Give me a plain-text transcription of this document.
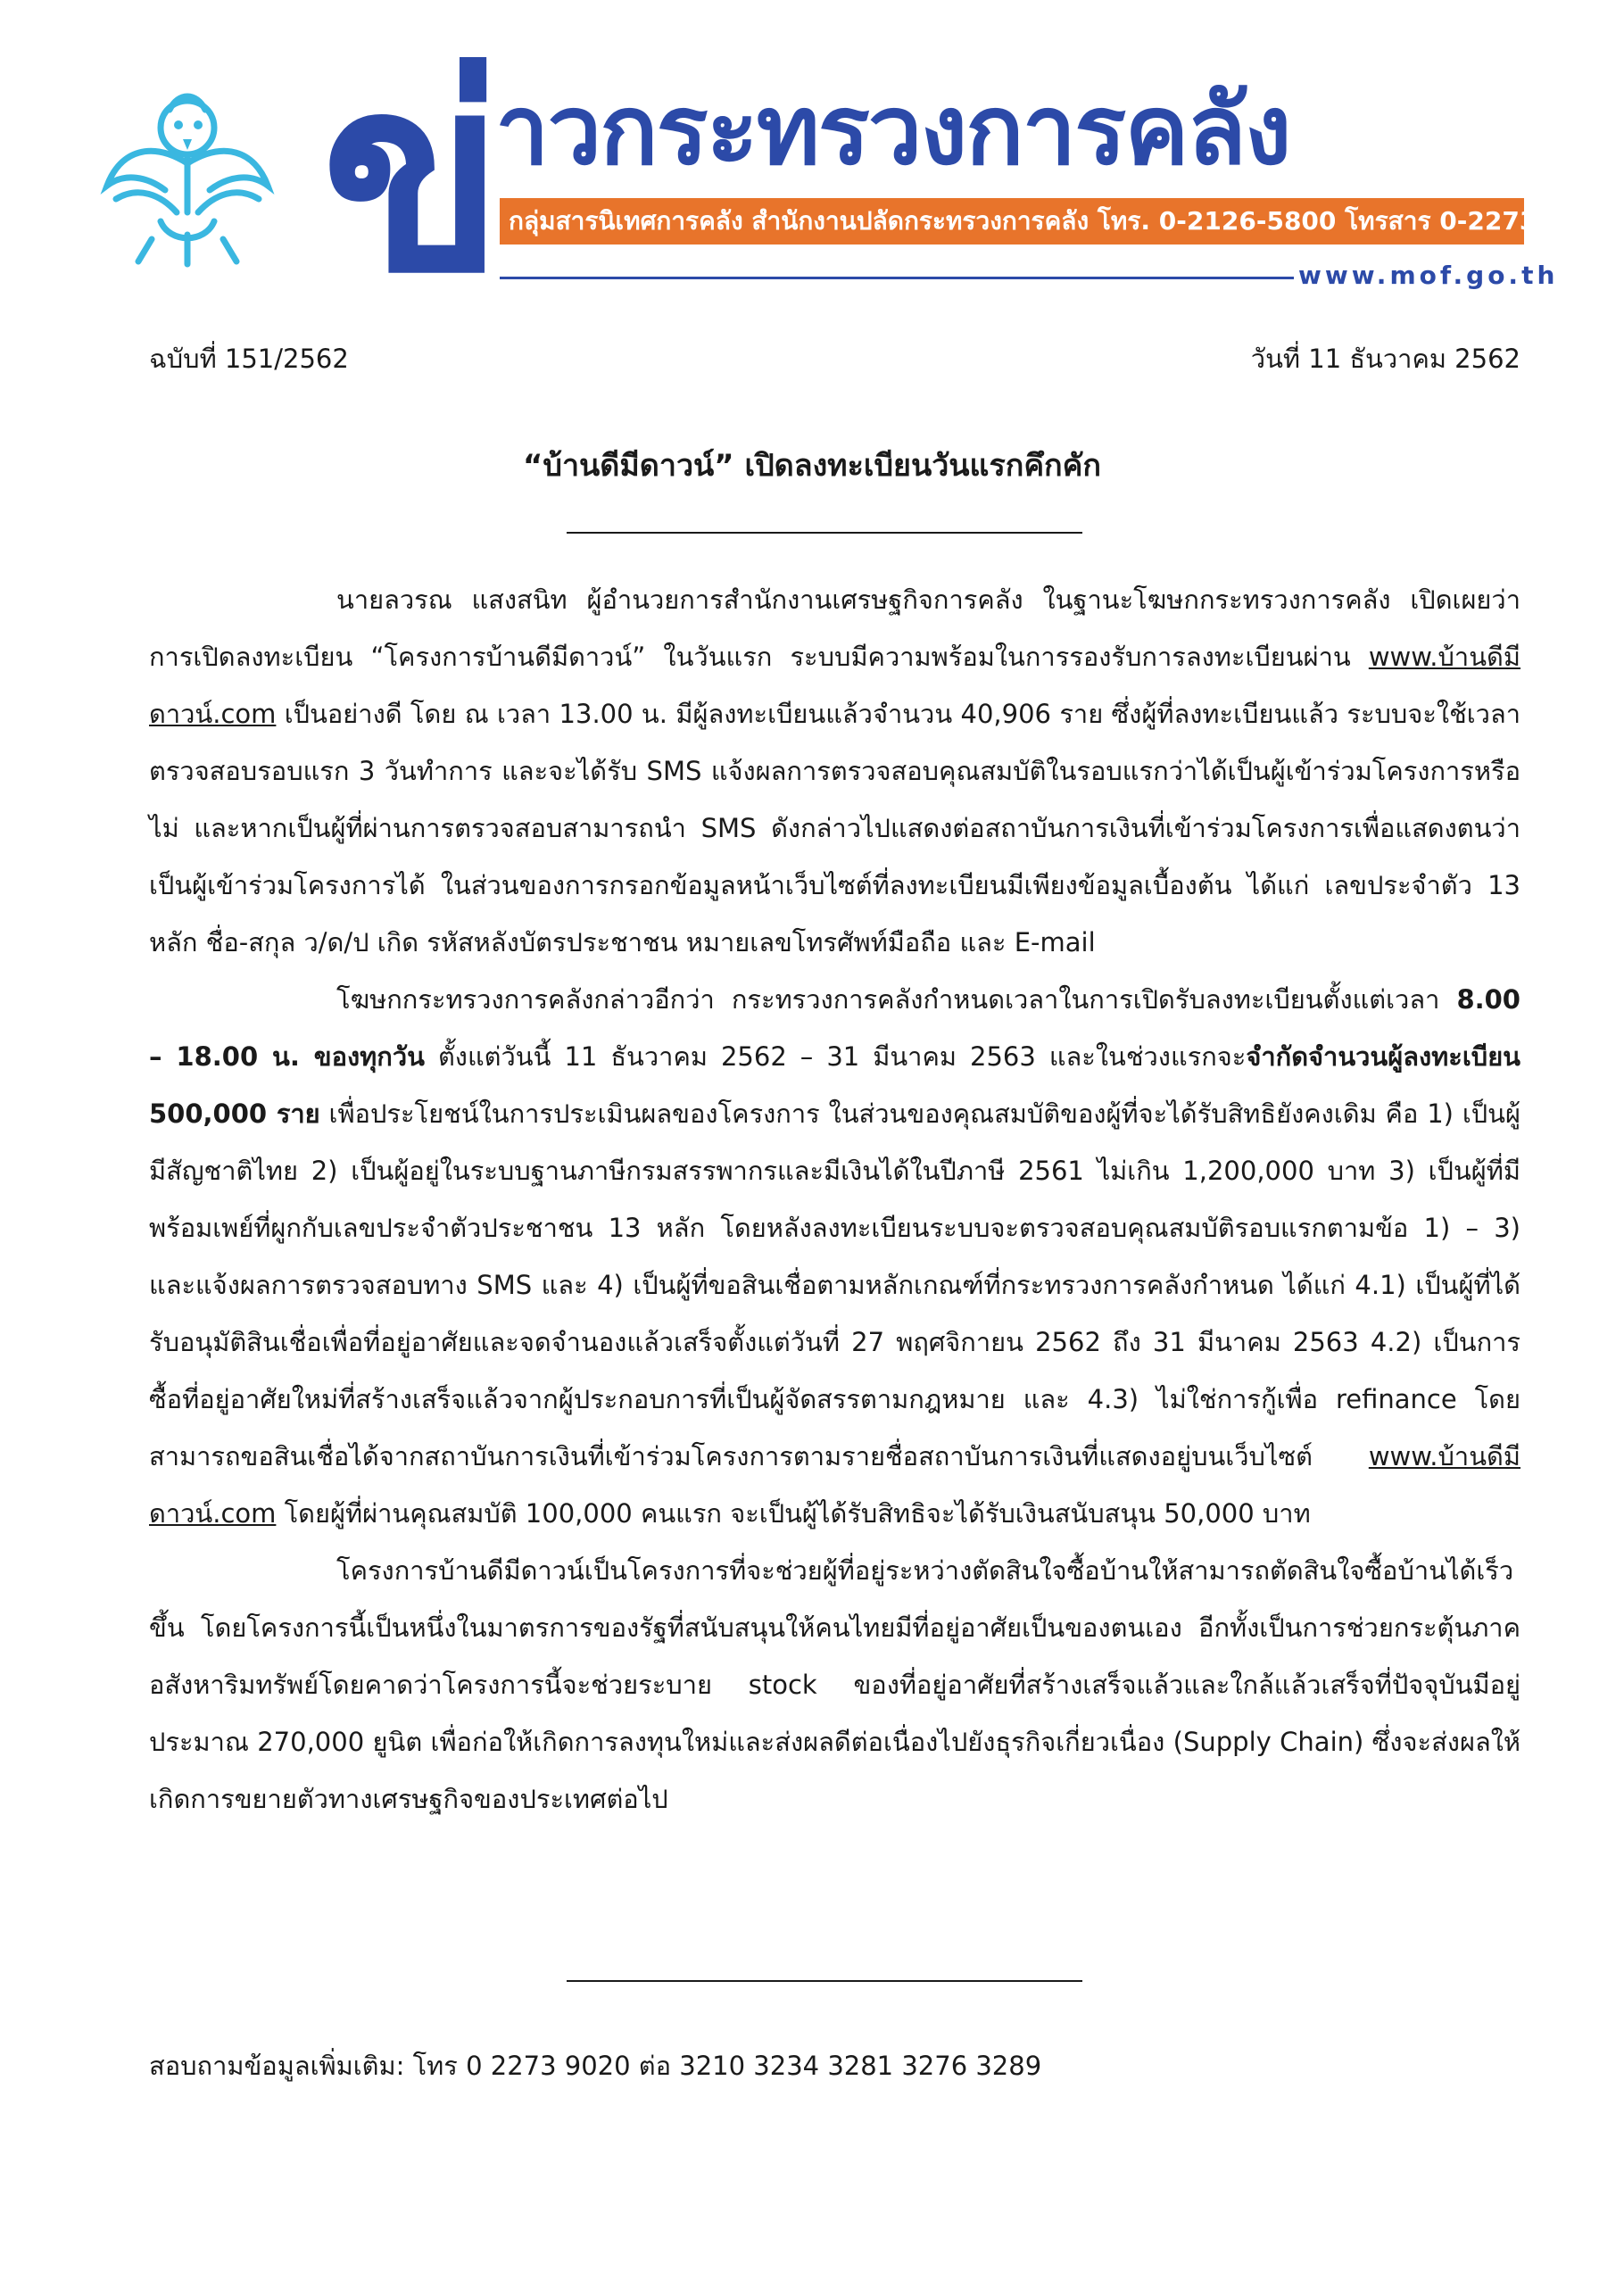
ข่ าวกระทรวงการคลัง
กลุ่มสารนิเทศการคลัง สำนักงานปลัดกระทรวงการคลัง โทร. 0-2126-5800 โทรสาร 0-2273-9763
www.mof.go.th
ฉบับที่ 151/2562	วันที่ 11 ธันวาคม 2562
“บ้านดีมีดาวน์” เปิดลงทะเบียนวันแรกคึกคัก

นายลวรณ แสงสนิท ผู้อำนวยการสำนักงานเศรษฐกิจการคลัง ในฐานะโฆษกกระทรวงการคลัง เปิดเผยว่า การเปิดลงทะเบียน “โครงการบ้านดีมีดาวน์” ในวันแรก ระบบมีความพร้อมในการรองรับการลงทะเบียนผ่าน www.บ้านดีมีดาวน์.com เป็นอย่างดี โดย ณ เวลา 13.00 น. มีผู้ลงทะเบียนแล้วจำนวน 40,906 ราย ซึ่งผู้ที่ลงทะเบียนแล้ว ระบบจะใช้เวลาตรวจสอบรอบแรก 3 วันทำการ และจะได้รับ SMS แจ้งผลการตรวจสอบคุณสมบัติในรอบแรกว่าได้เป็นผู้เข้าร่วมโครงการหรือไม่ และหากเป็นผู้ที่ผ่านการตรวจสอบสามารถนำ SMS ดังกล่าวไปแสดงต่อสถาบันการเงินที่เข้าร่วมโครงการเพื่อแสดงตนว่าเป็นผู้เข้าร่วมโครงการได้ ในส่วนของการกรอกข้อมูลหน้าเว็บไซต์ที่ลงทะเบียนมีเพียงข้อมูลเบื้องต้น ได้แก่ เลขประจำตัว 13 หลัก ชื่อ-สกุล ว/ด/ป เกิด รหัสหลังบัตรประชาชน หมายเลขโทรศัพท์มือถือ และ E-mail

โฆษกกระทรวงการคลังกล่าวอีกว่า กระทรวงการคลังกำหนดเวลาในการเปิดรับลงทะเบียนตั้งแต่เวลา 8.00 – 18.00 น. ของทุกวัน ตั้งแต่วันนี้ 11 ธันวาคม 2562 – 31 มีนาคม 2563 และในช่วงแรกจะจำกัดจำนวนผู้ลงทะเบียน 500,000 ราย เพื่อประโยชน์ในการประเมินผลของโครงการ ในส่วนของคุณสมบัติของผู้ที่จะได้รับสิทธิยังคงเดิม คือ 1) เป็นผู้มีสัญชาติไทย 2) เป็นผู้อยู่ในระบบฐานภาษีกรมสรรพากรและมีเงินได้ในปีภาษี 2561 ไม่เกิน 1,200,000 บาท 3) เป็นผู้ที่มีพร้อมเพย์ที่ผูกกับเลขประจำตัวประชาชน 13 หลัก โดยหลังลงทะเบียนระบบจะตรวจสอบคุณสมบัติรอบแรกตามข้อ 1) – 3) และแจ้งผลการตรวจสอบทาง SMS และ 4) เป็นผู้ที่ขอสินเชื่อตามหลักเกณฑ์ที่กระทรวงการคลังกำหนด ได้แก่ 4.1) เป็นผู้ที่ได้รับอนุมัติสินเชื่อเพื่อที่อยู่อาศัยและจดจำนองแล้วเสร็จตั้งแต่วันที่ 27 พฤศจิกายน 2562 ถึง 31 มีนาคม 2563 4.2) เป็นการซื้อที่อยู่อาศัยใหม่ที่สร้างเสร็จแล้วจากผู้ประกอบการที่เป็นผู้จัดสรรตามกฎหมาย และ 4.3) ไม่ใช่การกู้เพื่อ refinance โดยสามารถขอสินเชื่อได้จากสถาบันการเงินที่เข้าร่วมโครงการตามรายชื่อสถาบันการเงินที่แสดงอยู่บนเว็บไซต์ www.บ้านดีมีดาวน์.com โดยผู้ที่ผ่านคุณสมบัติ 100,000 คนแรก จะเป็นผู้ได้รับสิทธิจะได้รับเงินสนับสนุน 50,000 บาท

โครงการบ้านดีมีดาวน์เป็นโครงการที่จะช่วยผู้ที่อยู่ระหว่างตัดสินใจซื้อบ้านให้สามารถตัดสินใจซื้อบ้านได้เร็วขึ้น โดยโครงการนี้เป็นหนึ่งในมาตรการของรัฐที่สนับสนุนให้คนไทยมีที่อยู่อาศัยเป็นของตนเอง อีกทั้งเป็นการช่วยกระตุ้นภาคอสังหาริมทรัพย์โดยคาดว่าโครงการนี้จะช่วยระบาย stock ของที่อยู่อาศัยที่สร้างเสร็จแล้วและใกล้แล้วเสร็จที่ปัจจุบันมีอยู่ประมาณ 270,000 ยูนิต เพื่อก่อให้เกิดการลงทุนใหม่และส่งผลดีต่อเนื่องไปยังธุรกิจเกี่ยวเนื่อง (Supply Chain) ซึ่งจะส่งผลให้เกิดการขยายตัวทางเศรษฐกิจของประเทศต่อไป

สอบถามข้อมูลเพิ่มเติม: โทร 0 2273 9020 ต่อ 3210 3234 3281 3276 3289
